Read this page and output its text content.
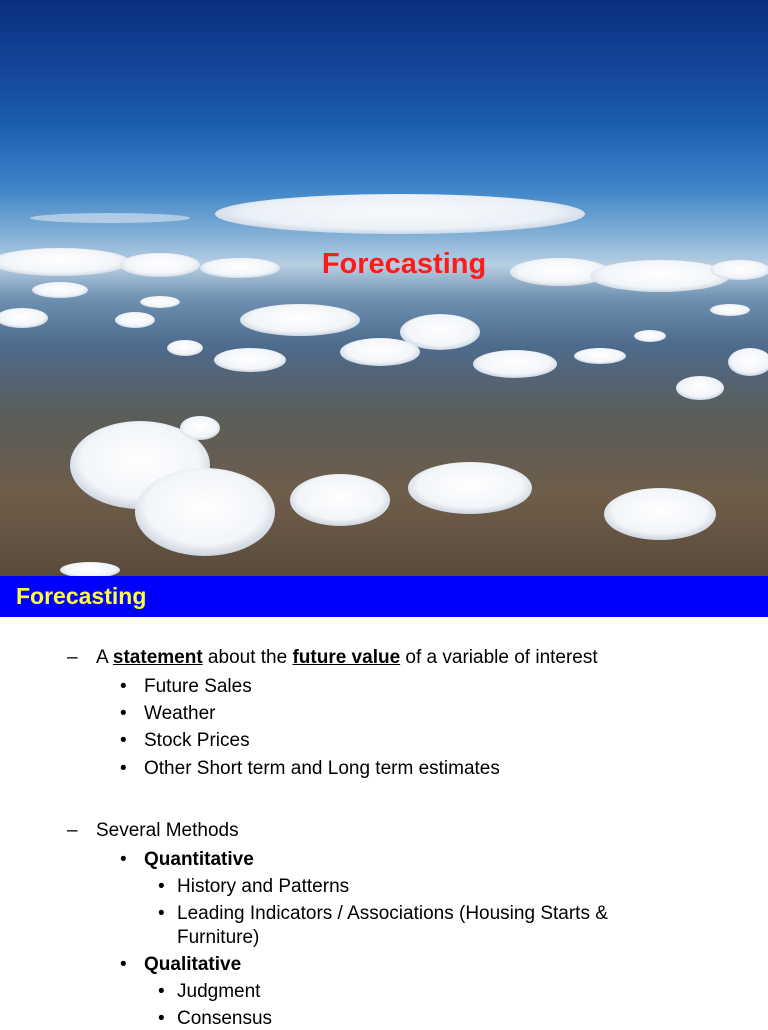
Forecasting
Forecasting
– A statement about the future value of a variable of interest
• Future Sales
• Weather
• Stock Prices
• Other Short term and Long term estimates
– Several Methods
• Quantitative
• History and Patterns
• Leading Indicators / Associations (Housing Starts &
Furniture)
• Qualitative
• Judgment
• Consensus
